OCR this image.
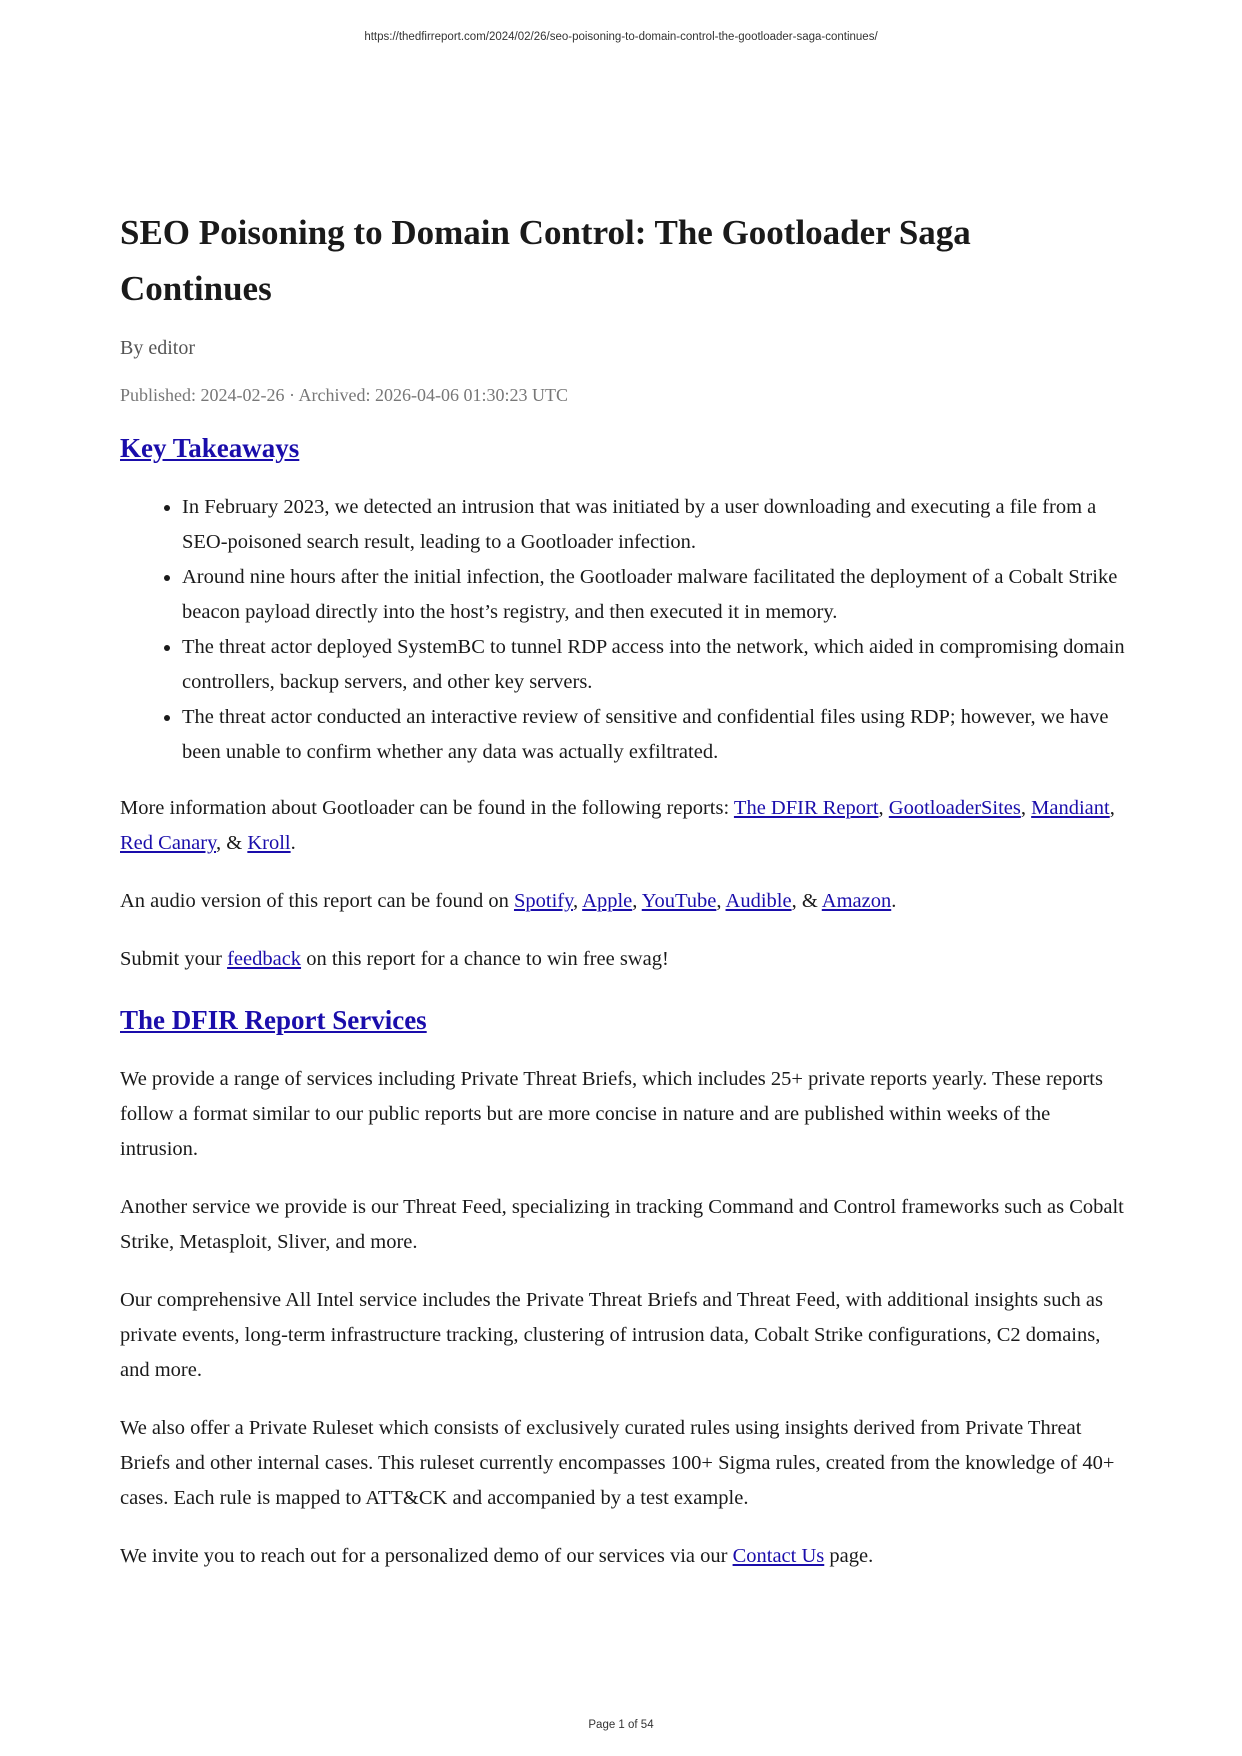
https://thedfirreport.com/2024/02/26/seo-poisoning-to-domain-control-the-gootloader-saga-continues/
SEO Poisoning to Domain Control: The Gootloader Saga Continues
By editor
Published: 2024-02-26 · Archived: 2026-04-06 01:30:23 UTC
Key Takeaways
• In February 2023, we detected an intrusion that was initiated by a user downloading and executing a file from a SEO-poisoned search result, leading to a Gootloader infection.
• Around nine hours after the initial infection, the Gootloader malware facilitated the deployment of a Cobalt Strike beacon payload directly into the host’s registry, and then executed it in memory.
• The threat actor deployed SystemBC to tunnel RDP access into the network, which aided in compromising domain controllers, backup servers, and other key servers.
• The threat actor conducted an interactive review of sensitive and confidential files using RDP; however, we have been unable to confirm whether any data was actually exfiltrated.

More information about Gootloader can be found in the following reports: The DFIR Report, GootloaderSites, Mandiant, Red Canary, & Kroll.

An audio version of this report can be found on Spotify, Apple, YouTube, Audible, & Amazon.

Submit your feedback on this report for a chance to win free swag!

The DFIR Report Services

We provide a range of services including Private Threat Briefs, which includes 25+ private reports yearly. These reports follow a format similar to our public reports but are more concise in nature and are published within weeks of the intrusion.

Another service we provide is our Threat Feed, specializing in tracking Command and Control frameworks such as Cobalt Strike, Metasploit, Sliver, and more.

Our comprehensive All Intel service includes the Private Threat Briefs and Threat Feed, with additional insights such as private events, long-term infrastructure tracking, clustering of intrusion data, Cobalt Strike configurations, C2 domains, and more.

We also offer a Private Ruleset which consists of exclusively curated rules using insights derived from Private Threat Briefs and other internal cases. This ruleset currently encompasses 100+ Sigma rules, created from the knowledge of 40+ cases. Each rule is mapped to ATT&CK and accompanied by a test example.

We invite you to reach out for a personalized demo of our services via our Contact Us page.

Page 1 of 54
